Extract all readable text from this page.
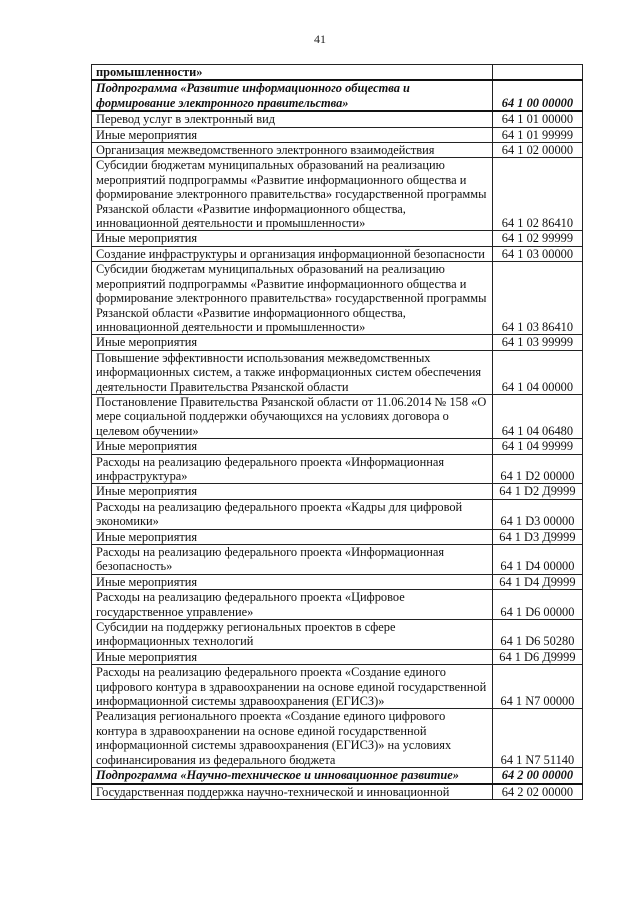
41
промышленности»	
Подпрограмма «Развитие информационного общества и формирование электронного правительства»	64 1 00 00000
Перевод услуг в электронный вид	64 1 01 00000
Иные мероприятия	64 1 01 99999
Организация межведомственного электронного взаимодействия	64 1 02 00000
Субсидии бюджетам муниципальных образований на реализацию мероприятий подпрограммы «Развитие информационного общества и формирование электронного правительства» государственной программы Рязанской области «Развитие информационного общества, инновационной деятельности и промышленности»	64 1 02 86410
Иные мероприятия	64 1 02 99999
Создание инфраструктуры и организация информационной безопасности	64 1 03 00000
Субсидии бюджетам муниципальных образований на реализацию мероприятий подпрограммы «Развитие информационного общества и формирование электронного правительства» государственной программы Рязанской области «Развитие информационного общества, инновационной деятельности и промышленности»	64 1 03 86410
Иные мероприятия	64 1 03 99999
Повышение эффективности использования межведомственных информационных систем, а также информационных систем обеспечения деятельности Правительства Рязанской области	64 1 04 00000
Постановление Правительства Рязанской области от 11.06.2014 № 158 «О мере социальной поддержки обучающихся на условиях договора о целевом обучении»	64 1 04 06480
Иные мероприятия	64 1 04 99999
Расходы на реализацию федерального проекта «Информационная инфраструктура»	64 1 D2 00000
Иные мероприятия	64 1 D2 Д9999
Расходы на реализацию федерального проекта «Кадры для цифровой экономики»	64 1 D3 00000
Иные мероприятия	64 1 D3 Д9999
Расходы на реализацию федерального проекта «Информационная безопасность»	64 1 D4 00000
Иные мероприятия	64 1 D4 Д9999
Расходы на реализацию федерального проекта «Цифровое государственное управление»	64 1 D6 00000
Субсидии на поддержку региональных проектов в сфере информационных технологий	64 1 D6 50280
Иные мероприятия	64 1 D6 Д9999
Расходы на реализацию федерального проекта «Создание единого цифрового контура в здравоохранении на основе единой государственной информационной системы здравоохранения (ЕГИСЗ)»	64 1 N7 00000
Реализация регионального проекта «Создание единого цифрового контура в здравоохранении на основе единой государственной информационной системы здравоохранения (ЕГИСЗ)» на условиях софинансирования из федерального бюджета	64 1 N7 51140
Подпрограмма «Научно-техническое и инновационное развитие»	64 2 00 00000
Государственная поддержка научно-технической и инновационной	64 2 02 00000
